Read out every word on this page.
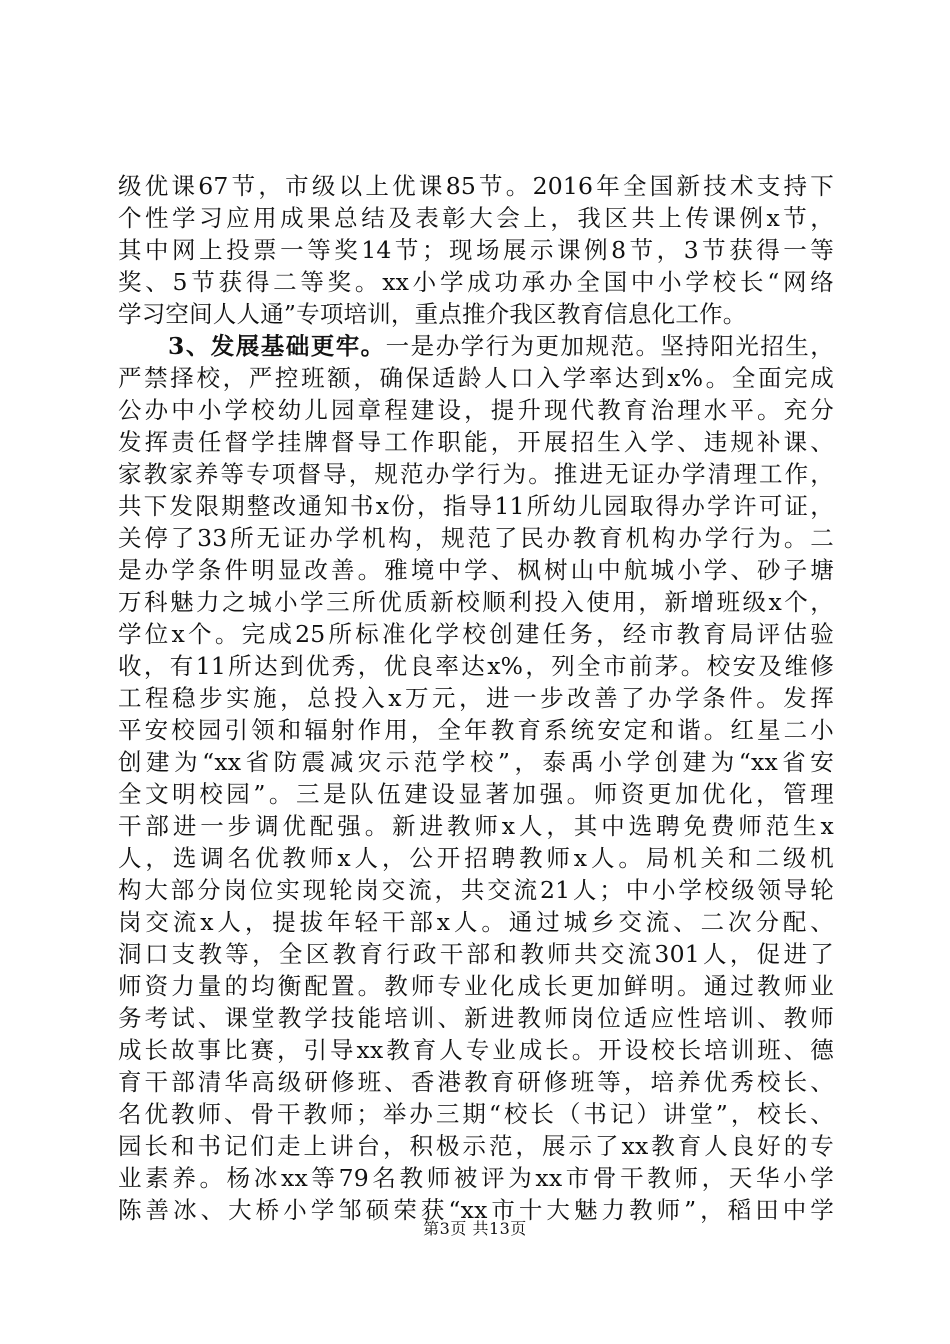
级优课67节，市级以上优课85节。2016年全国新技术支持下
个性学习应用成果总结及表彰大会上，我区共上传课例x节，
其中网上投票一等奖14节；现场展示课例8节，3节获得一等
奖、5节获得二等奖。xx小学成功承办全国中小学校长“网络
学习空间人人通”专项培训，重点推介我区教育信息化工作。
3、发展基础更牢。一是办学行为更加规范。坚持阳光招生，
严禁择校，严控班额，确保适龄人口入学率达到x%。全面完成
公办中小学校幼儿园章程建设，提升现代教育治理水平。充分
发挥责任督学挂牌督导工作职能，开展招生入学、违规补课、
家教家养等专项督导，规范办学行为。推进无证办学清理工作，
共下发限期整改通知书x份，指导11所幼儿园取得办学许可证，
关停了33所无证办学机构，规范了民办教育机构办学行为。二
是办学条件明显改善。雅境中学、枫树山中航城小学、砂子塘
万科魅力之城小学三所优质新校顺利投入使用，新增班级x个，
学位x个。完成25所标准化学校创建任务，经市教育局评估验
收，有11所达到优秀，优良率达x%，列全市前茅。校安及维修
工程稳步实施，总投入x万元，进一步改善了办学条件。发挥
平安校园引领和辐射作用，全年教育系统安定和谐。红星二小
创建为“xx省防震减灾示范学校”，泰禹小学创建为“xx省安
全文明校园”。三是队伍建设显著加强。师资更加优化，管理
干部进一步调优配强。新进教师x人，其中选聘免费师范生x
人，选调名优教师x人，公开招聘教师x人。局机关和二级机
构大部分岗位实现轮岗交流，共交流21人；中小学校级领导轮
岗交流x人，提拔年轻干部x人。通过城乡交流、二次分配、
洞口支教等，全区教育行政干部和教师共交流301人，促进了
师资力量的均衡配置。教师专业化成长更加鲜明。通过教师业
务考试、课堂教学技能培训、新进教师岗位适应性培训、教师
成长故事比赛，引导xx教育人专业成长。开设校长培训班、德
育干部清华高级研修班、香港教育研修班等，培养优秀校长、
名优教师、骨干教师；举办三期“校长（书记）讲堂”，校长、
园长和书记们走上讲台，积极示范，展示了xx教育人良好的专
业素养。杨冰xx等79名教师被评为xx市骨干教师，天华小学
陈善冰、大桥小学邹硕荣获“xx市十大魅力教师”，稻田中学
第3页 共13页
